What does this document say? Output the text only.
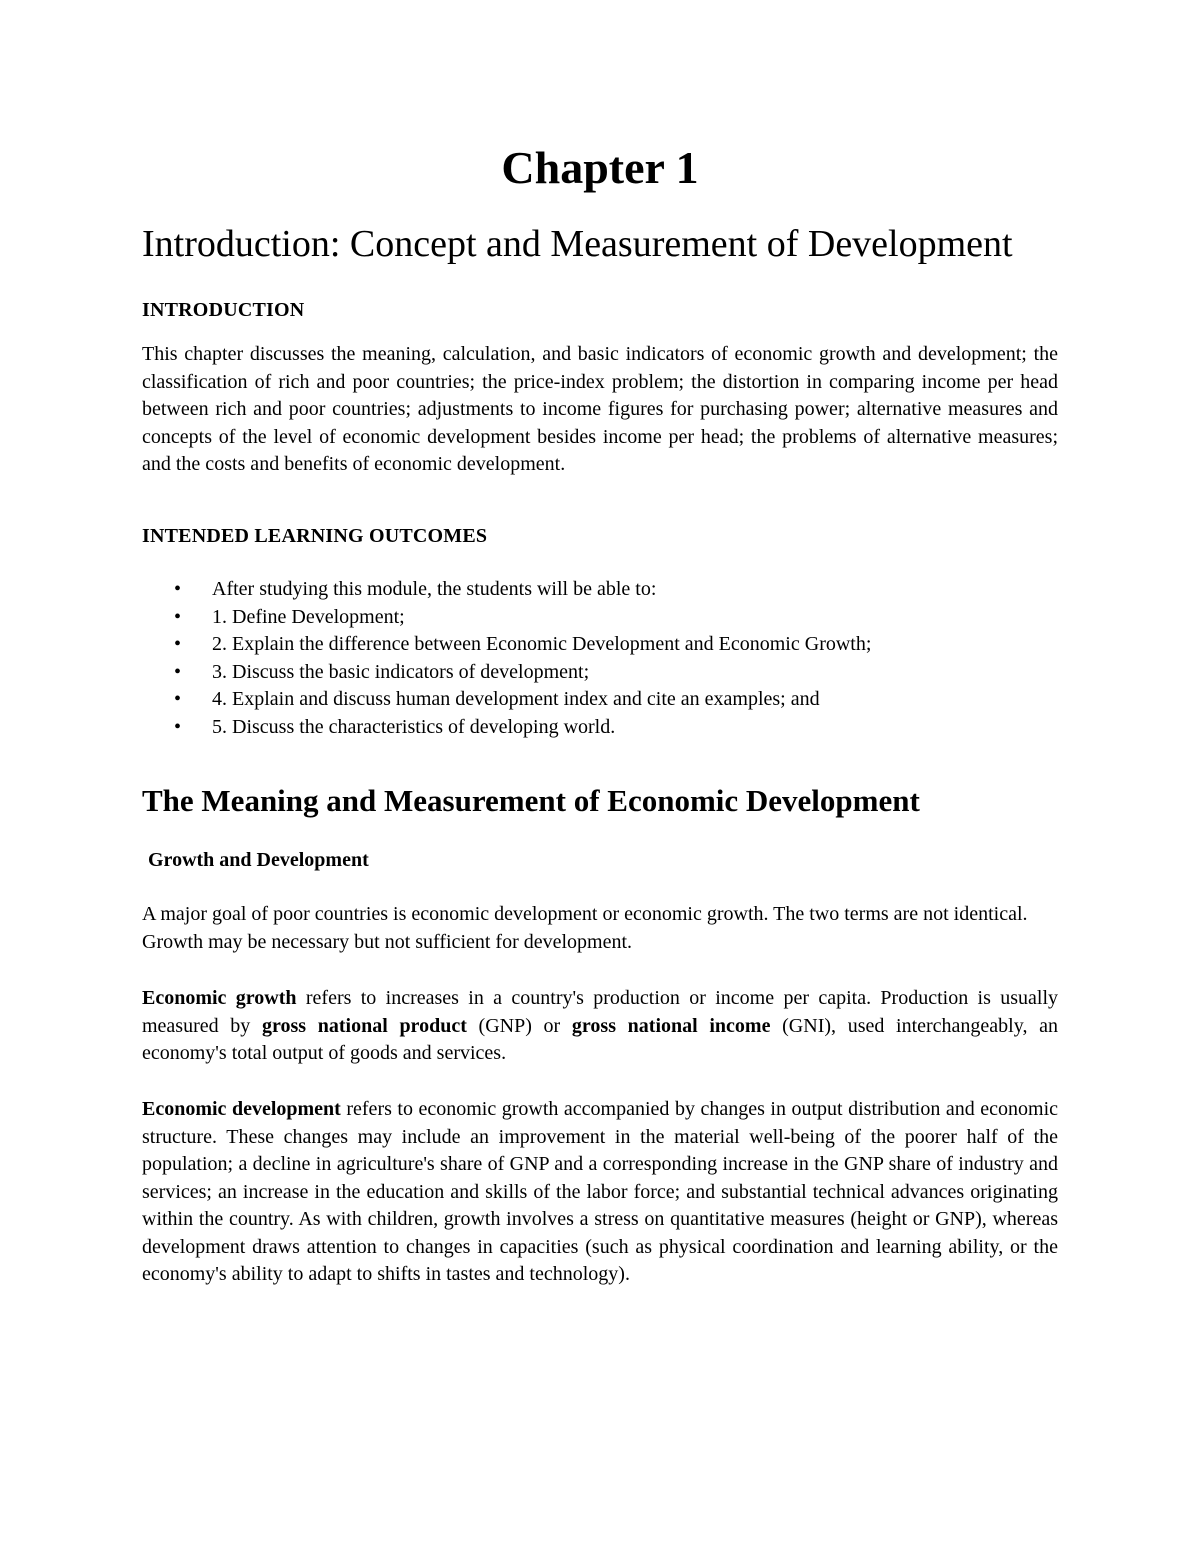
Chapter 1
Introduction: Concept and Measurement of Development
INTRODUCTION

This chapter discusses the meaning, calculation, and basic indicators of economic growth and development; the classification of rich and poor countries; the price-index problem; the distortion in comparing income per head between rich and poor countries; adjustments to income figures for purchasing power; alternative measures and concepts of the level of economic development besides income per head; the problems of alternative measures; and the costs and benefits of economic development.

INTENDED LEARNING OUTCOMES
• After studying this module, the students will be able to:
• 1. Define Development;
• 2. Explain the difference between Economic Development and Economic Growth;
• 3. Discuss the basic indicators of development;
• 4. Explain and discuss human development index and cite an examples; and
• 5. Discuss the characteristics of developing world.
The Meaning and Measurement of Economic Development
Growth and Development

A major goal of poor countries is economic development or economic growth. The two terms are not identical. Growth may be necessary but not sufficient for development.

Economic growth refers to increases in a country's production or income per capita. Production is usually measured by gross national product (GNP) or gross national income (GNI), used interchangeably, an economy's total output of goods and services.

Economic development refers to economic growth accompanied by changes in output distribution and economic structure. These changes may include an improvement in the material well-being of the poorer half of the population; a decline in agriculture's share of GNP and a corresponding increase in the GNP share of industry and services; an increase in the education and skills of the labor force; and substantial technical advances originating within the country. As with children, growth involves a stress on quantitative measures (height or GNP), whereas development draws attention to changes in capacities (such as physical coordination and learning ability, or the economy's ability to adapt to shifts in tastes and technology).
